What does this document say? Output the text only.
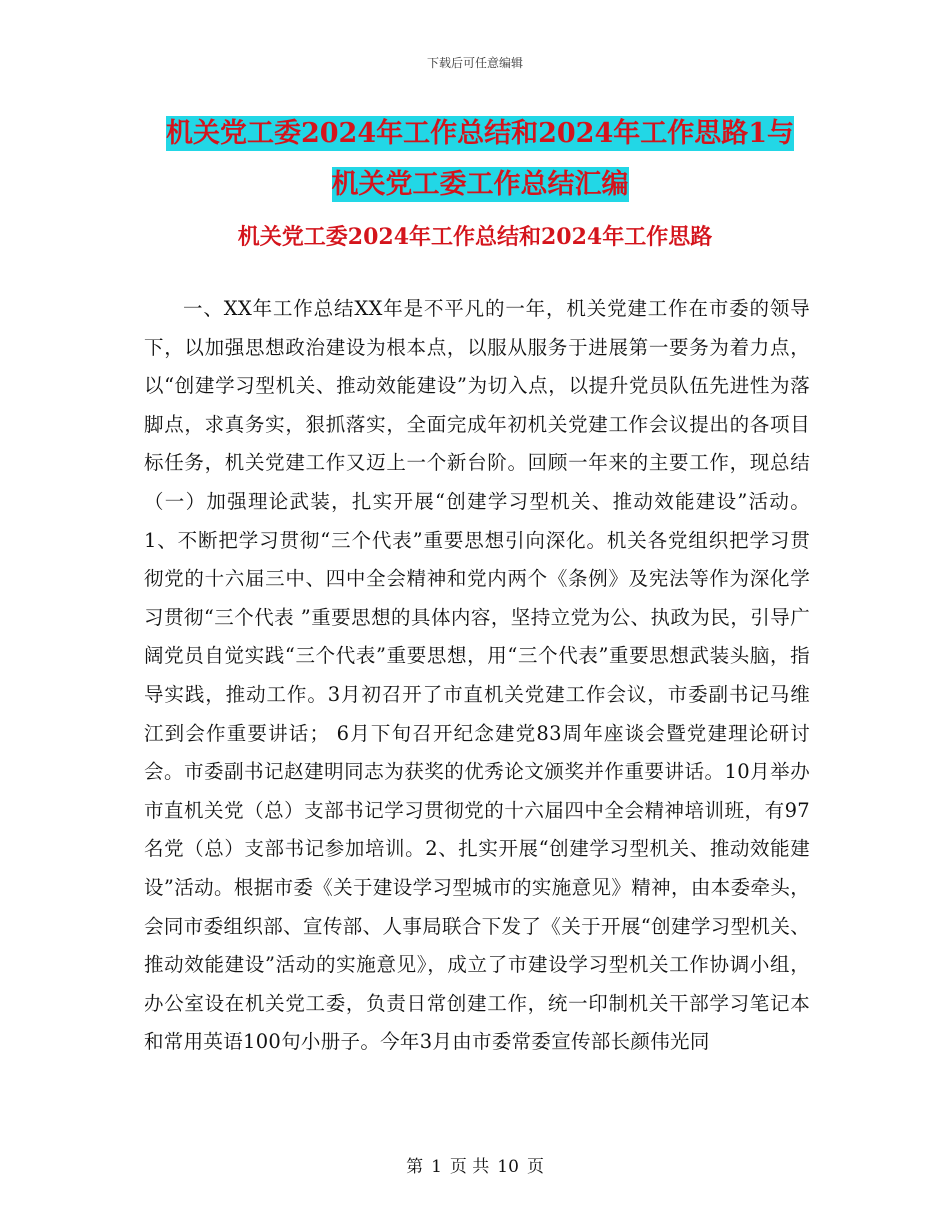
下载后可任意编辑
机关党工委2024年工作总结和2024年工作思路1与
机关党工委工作总结汇编
机关党工委2024年工作总结和2024年工作思路

一、XX年工作总结XX年是不平凡的一年，机关党建工作在市委的领导下，以加强思想政治建设为根本点，以服从服务于进展第一要务为着力点，以“创建学习型机关、推动效能建设”为切入点，以提升党员队伍先进性为落脚点，求真务实，狠抓落实，全面完成年初机关党建工作会议提出的各项目标任务，机关党建工作又迈上一个新台阶。回顾一年来的主要工作，现总结（一）加强理论武装，扎实开展“创建学习型机关、推动效能建设”活动。1、不断把学习贯彻“三个代表”重要思想引向深化。机关各党组织把学习贯彻党的十六届三中、四中全会精神和党内两个《条例》及宪法等作为深化学习贯彻“三个代表 ”重要思想的具体内容，坚持立党为公、执政为民，引导广阔党员自觉实践“三个代表”重要思想，用“三个代表”重要思想武装头脑，指导实践，推动工作。3月初召开了市直机关党建工作会议，市委副书记马维江到会作重要讲话； 6月下旬召开纪念建党83周年座谈会暨党建理论研讨会。市委副书记赵建明同志为获奖的优秀论文颁奖并作重要讲话。10月举办市直机关党（总）支部书记学习贯彻党的十六届四中全会精神培训班，有97名党（总）支部书记参加培训。2、扎实开展“创建学习型机关、推动效能建设”活动。根据市委《关于建设学习型城市的实施意见》精神，由本委牵头，会同市委组织部、宣传部、人事局联合下发了《关于开展“创建学习型机关、推动效能建设”活动的实施意见》，成立了市建设学习型机关工作协调小组，办公室设在机关党工委，负责日常创建工作，统一印制机关干部学习笔记本和常用英语100句小册子。今年3月由市委常委宣传部长颜伟光同

第 1 页 共 10 页
